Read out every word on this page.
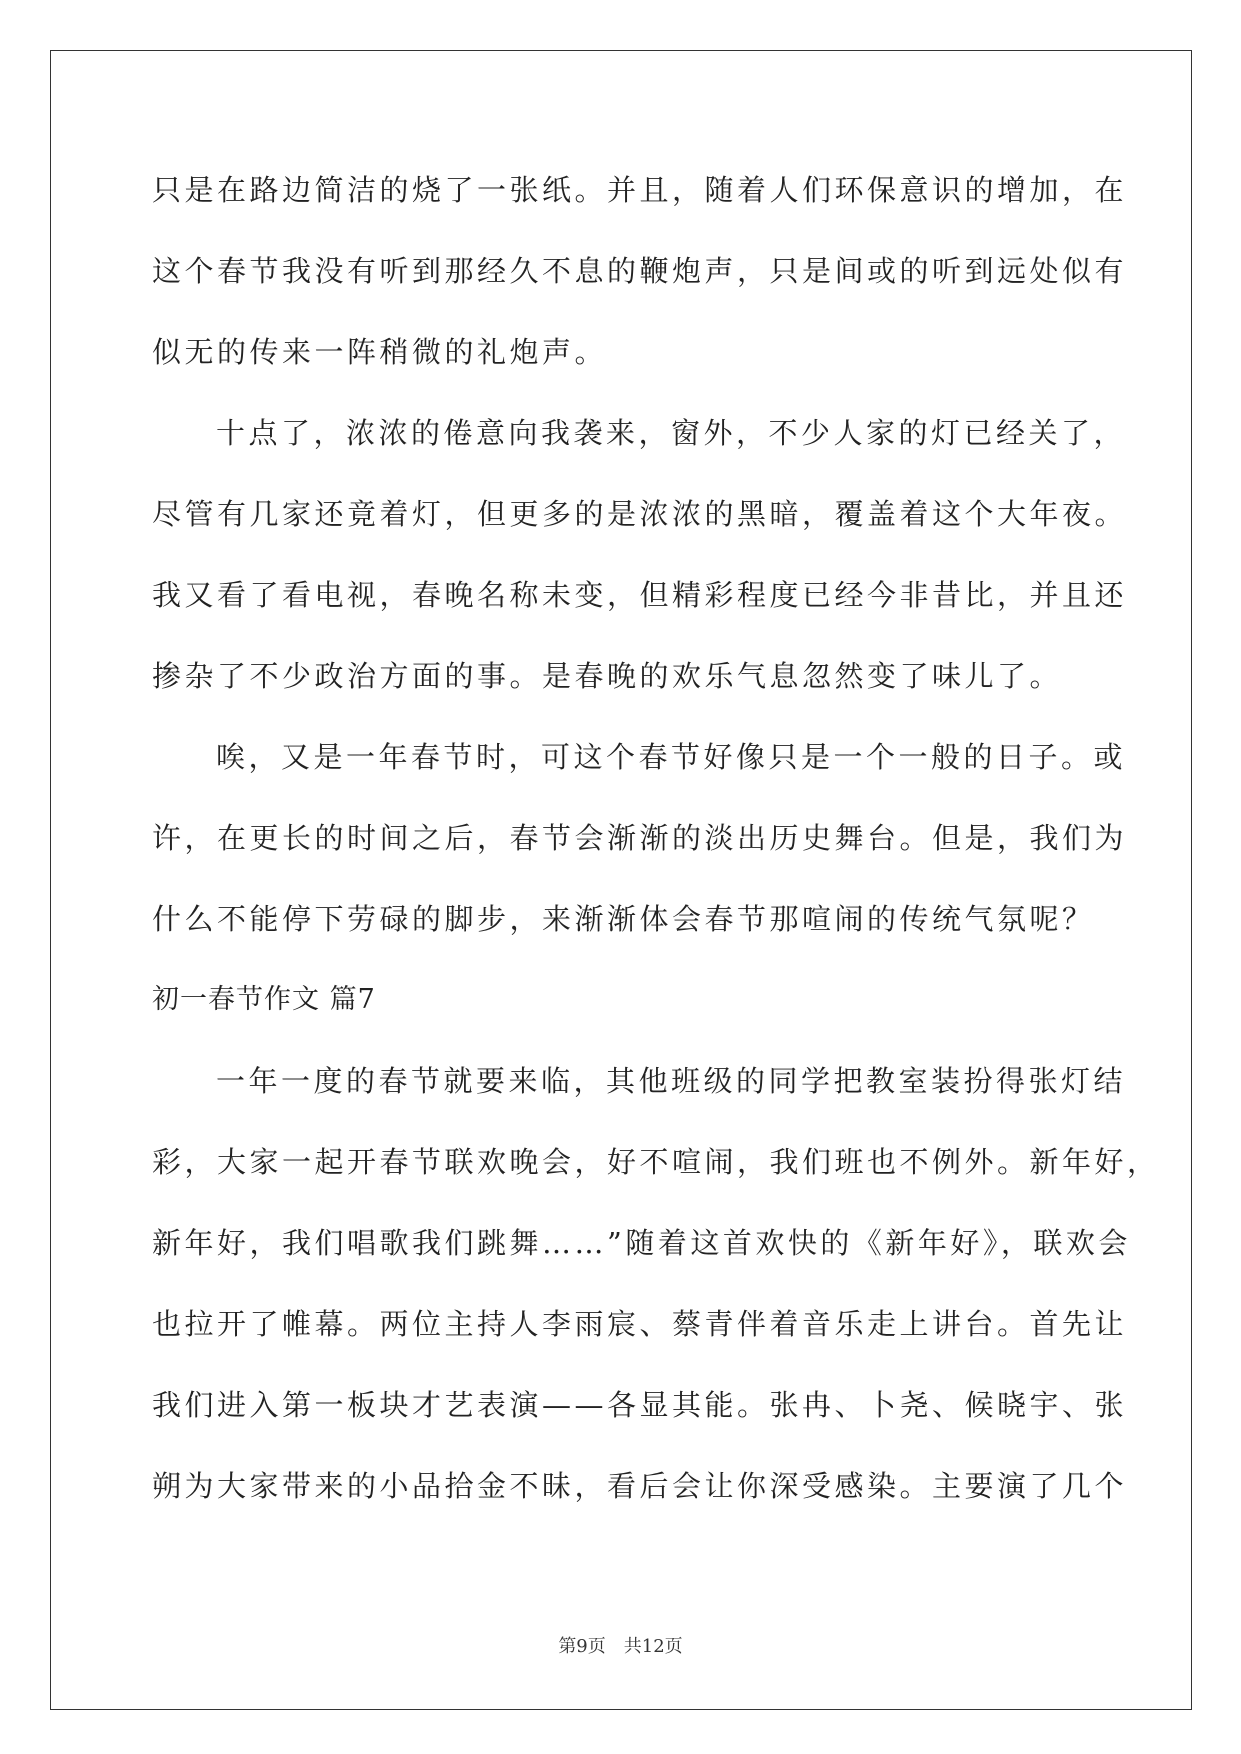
只是在路边简洁的烧了一张纸。并且，随着人们环保意识的增加，在
这个春节我没有听到那经久不息的鞭炮声，只是间或的听到远处似有
似无的传来一阵稍微的礼炮声。
十点了，浓浓的倦意向我袭来，窗外，不少人家的灯已经关了，
尽管有几家还竟着灯，但更多的是浓浓的黑暗，覆盖着这个大年夜。
我又看了看电视，春晚名称未变，但精彩程度已经今非昔比，并且还
掺杂了不少政治方面的事。是春晚的欢乐气息忽然变了味儿了。
唉，又是一年春节时，可这个春节好像只是一个一般的日子。或
许，在更长的时间之后，春节会渐渐的淡出历史舞台。但是，我们为
什么不能停下劳碌的脚步，来渐渐体会春节那喧闹的传统气氛呢？
初一春节作文 篇7
一年一度的春节就要来临，其他班级的同学把教室装扮得张灯结
彩，大家一起开春节联欢晚会，好不喧闹，我们班也不例外。新年好，
新年好，我们唱歌我们跳舞……”随着这首欢快的《新年好》，联欢会
也拉开了帷幕。两位主持人李雨宸、蔡青伴着音乐走上讲台。首先让
我们进入第一板块才艺表演——各显其能。张冉、卜尧、候晓宇、张
朔为大家带来的小品拾金不昧，看后会让你深受感染。主要演了几个
第9页　共12页
